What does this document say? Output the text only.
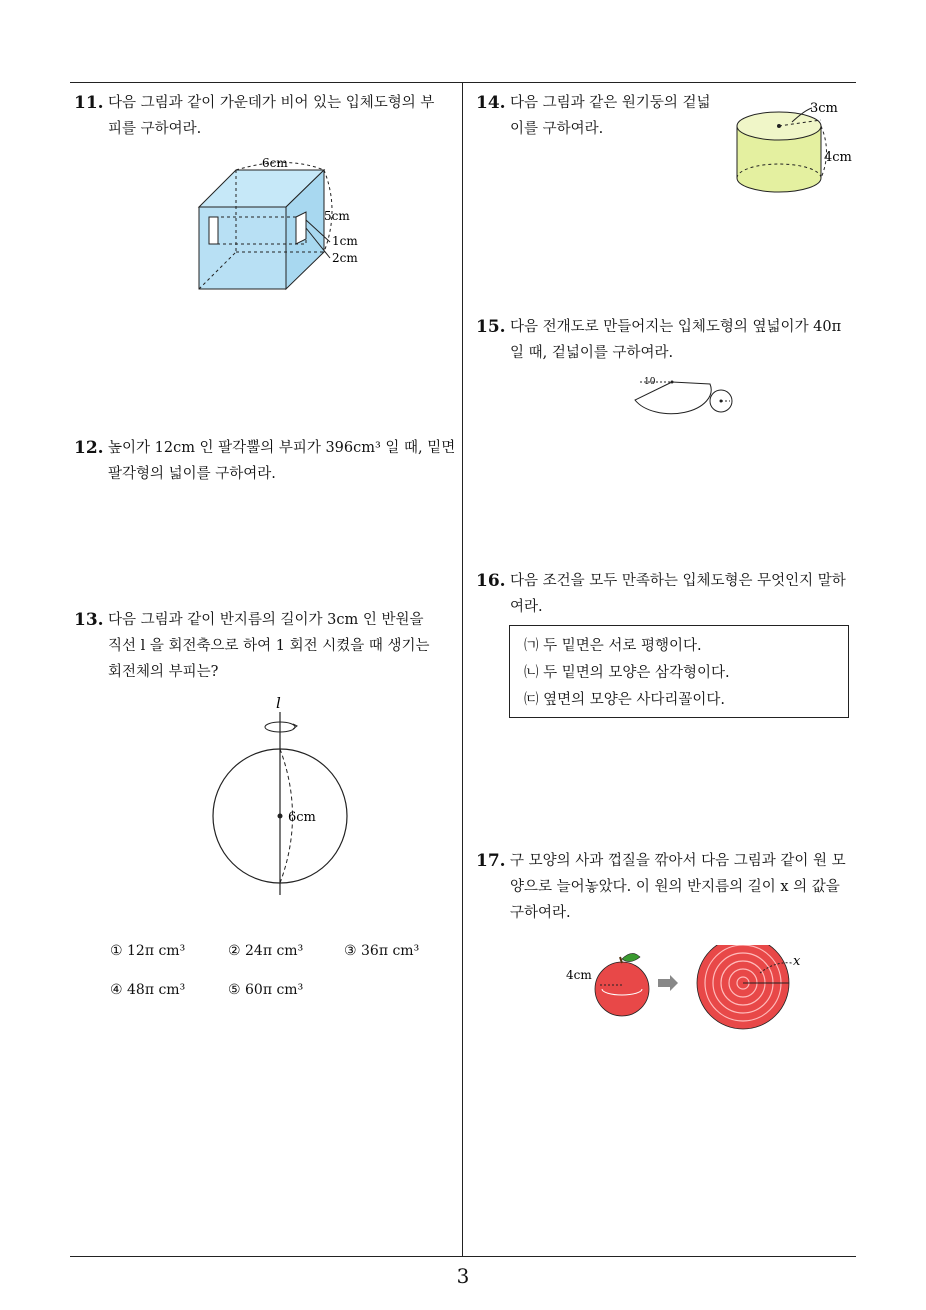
11. 다음 그림과 같이 가운데가 비어 있는 입체도형의 부
피를 구하여라.
6cm
5cm
1cm
2cm
12. 높이가 12cm 인 팔각뿔의 부피가 396cm³ 일 때, 밑면
팔각형의 넓이를 구하여라.
13. 다음 그림과 같이 반지름의 길이가 3cm 인 반원을
직선 l 을 회전축으로 하여 1 회전 시켰을 때 생기는
회전체의 부피는?
l
6cm
① 12π cm³	② 24π cm³	③ 36π cm³
④ 48π cm³	⑤ 60π cm³
14. 다음 그림과 같은 원기둥의 겉넓
이를 구하여라.
3cm
4cm
15. 다음 전개도로 만들어지는 입체도형의 옆넓이가 40π
일 때, 겉넓이를 구하여라.
10
16. 다음 조건을 모두 만족하는 입체도형은 무엇인지 말하
여라.
㈀ 두 밑면은 서로 평행이다.
㈁ 두 밑면의 모양은 삼각형이다.
㈂ 옆면의 모양은 사다리꼴이다.
17. 구 모양의 사과 껍질을 깎아서 다음 그림과 같이 원 모
양으로 늘어놓았다. 이 원의 반지름의 길이 x 의 값을
구하여라.
4cm
x
3
